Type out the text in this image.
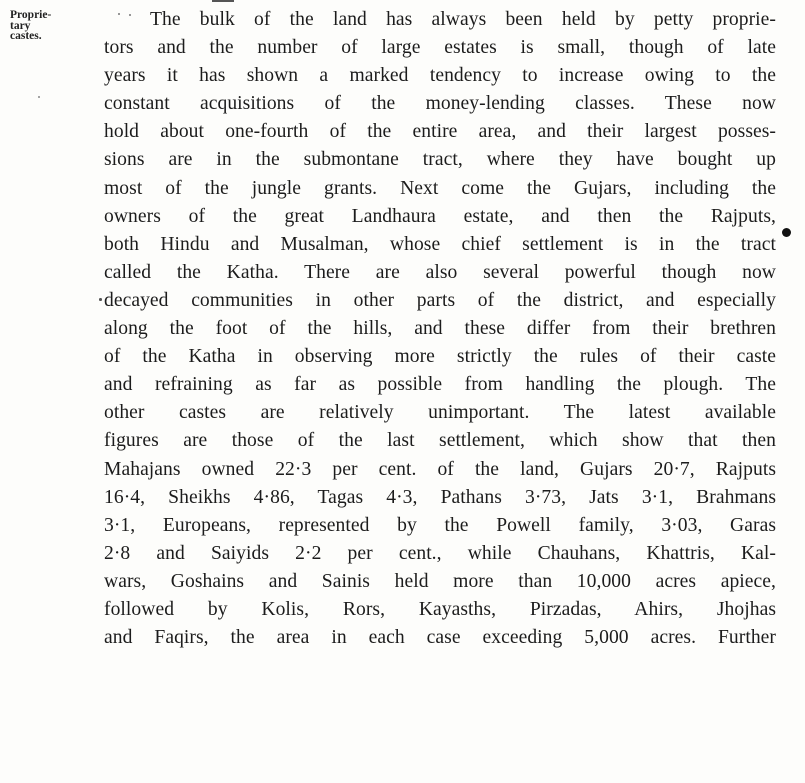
Proprie-
tary
castes.
The bulk of the land has always been held by petty proprie-
tors and the number of large estates is small, though of late
years it has shown a marked tendency to increase owing to the
constant acquisitions of the money-lending classes. These now
hold about one-fourth of the entire area, and their largest posses-
sions are in the submontane tract, where they have bought up
most of the jungle grants. Next come the Gujars, including the
owners of the great Landhaura estate, and then the Rajputs,
both Hindu and Musalman, whose chief settlement is in the tract
called the Katha. There are also several powerful though now
decayed communities in other parts of the district, and especially
along the foot of the hills, and these differ from their brethren
of the Katha in observing more strictly the rules of their caste
and refraining as far as possible from handling the plough. The
other castes are relatively unimportant. The latest available
figures are those of the last settlement, which show that then
Mahajans owned 22·3 per cent. of the land, Gujars 20·7, Rajputs
16·4, Sheikhs 4·86, Tagas 4·3, Pathans 3·73, Jats 3·1, Brahmans
3·1, Europeans, represented by the Powell family, 3·03, Garas
2·8 and Saiyids 2·2 per cent., while Chauhans, Khattris, Kal-
wars, Goshains and Sainis held more than 10,000 acres apiece,
followed by Kolis, Rors, Kayasths, Pirzadas, Ahirs, Jhojhas
and Faqirs, the area in each case exceeding 5,000 acres. Further
